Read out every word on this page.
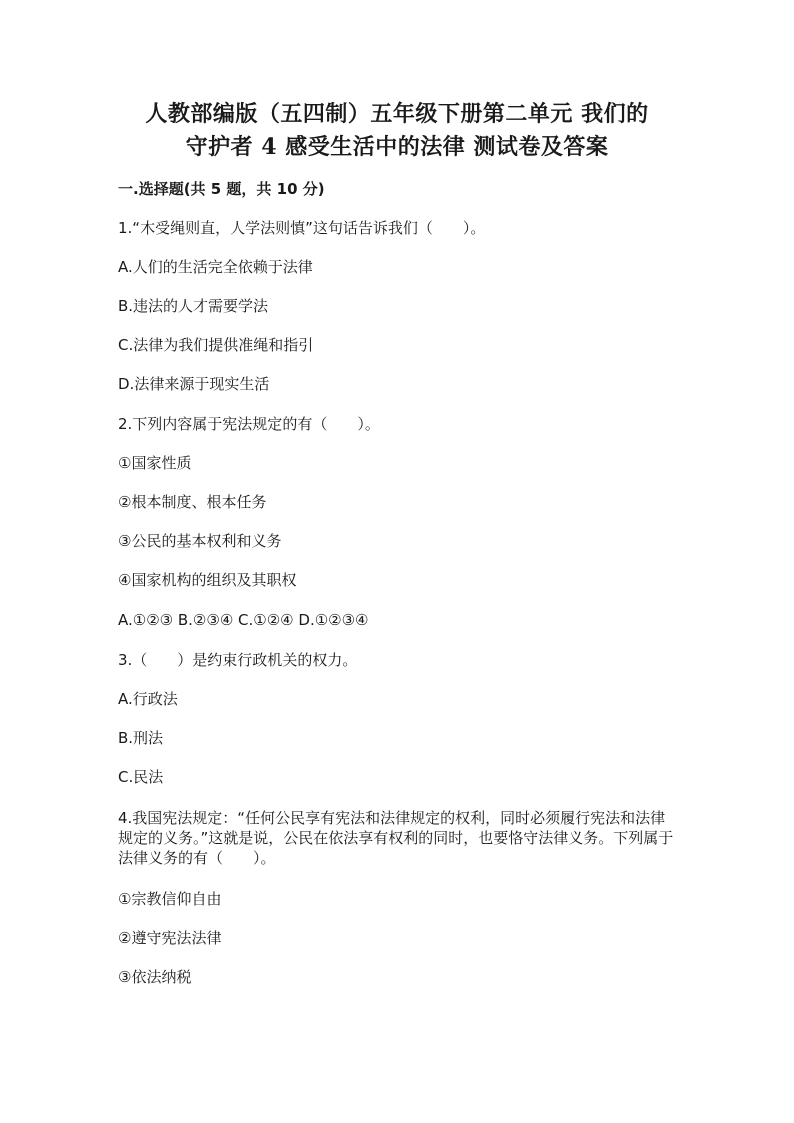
人教部编版（五四制）五年级下册第二单元 我们的
守护者 4 感受生活中的法律 测试卷及答案
一.选择题(共 5 题，共 10 分)
1.“木受绳则直，人学法则慎”这句话告诉我们（　　）。
A.人们的生活完全依赖于法律
B.违法的人才需要学法
C.法律为我们提供准绳和指引
D.法律来源于现实生活
2.下列内容属于宪法规定的有（　　）。
①国家性质
②根本制度、根本任务
③公民的基本权利和义务
④国家机构的组织及其职权
A.①②③ B.②③④ C.①②④ D.①②③④
3.（　　）是约束行政机关的权力。
A.行政法
B.刑法
C.民法
4.我国宪法规定：“任何公民享有宪法和法律规定的权利，同时必须履行宪法和法律规定的义务。”这就是说，公民在依法享有权利的同时，也要恪守法律义务。下列属于法律义务的有（　　）。
①宗教信仰自由
②遵守宪法法律
③依法纳税
